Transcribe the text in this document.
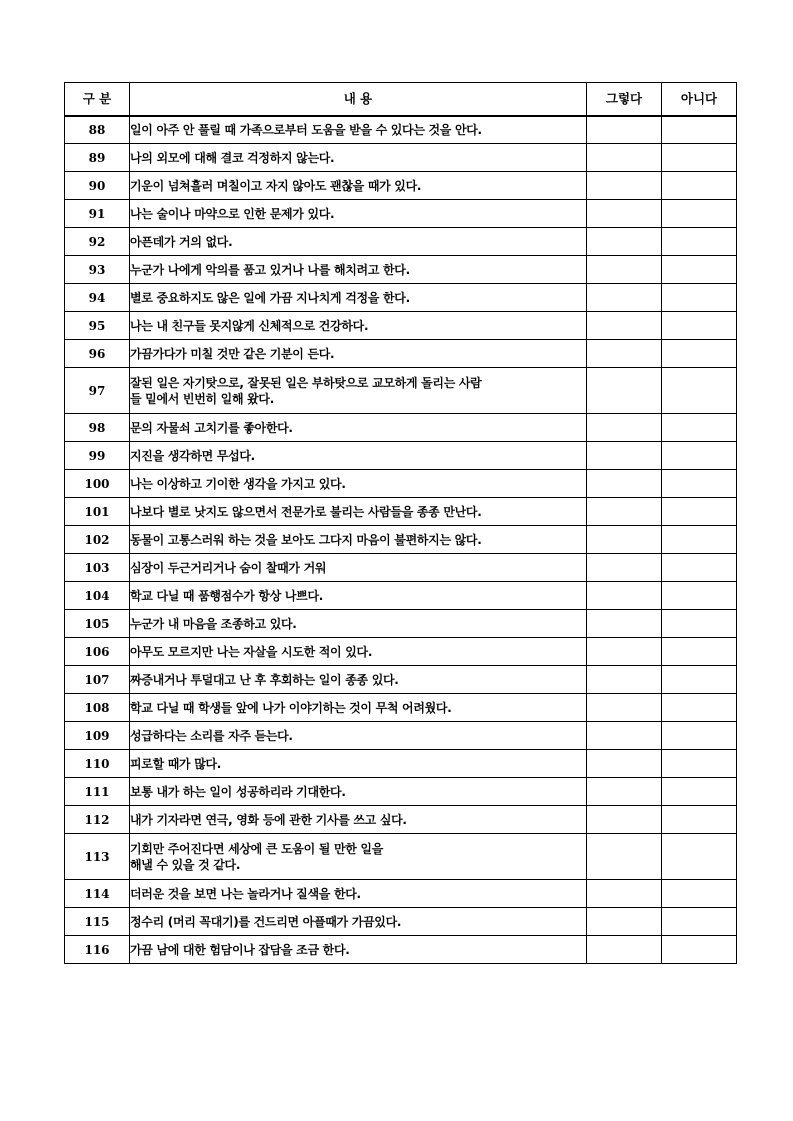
구 분	내 용	그렇다	아니다
88	일이 아주 안 풀릴 때 가족으로부터 도움을 받을 수 있다는 것을 안다.		

89	나의 외모에 대해 결코 걱정하지 않는다.		

90	기운이 넘쳐흘러 며칠이고 자지 않아도 괜찮을 때가 있다.		

91	나는 술이나 마약으로 인한 문제가 있다.		

92	아픈데가 거의 없다.		

93	누군가 나에게 악의를 품고 있거나 나를 해치려고 한다.		

94	별로 중요하지도 않은 일에 가끔 지나치게 걱정을 한다.		

95	나는 내 친구들 못지않게 신체적으로 건강하다.		

96	가끔가다가 미칠 것만 같은 기분이 든다.		

97	잘된 일은 자기탓으로, 잘못된 일은 부하탓으로 교모하게 돌리는 사람
들 밑에서 빈번히 일해 왔다.		

98	문의 자물쇠 고치기를 좋아한다.		

99	지진을 생각하면 무섭다.		

100	나는 이상하고 기이한 생각을 가지고 있다.		

101	나보다 별로 낫지도 않으면서 전문가로 불리는 사람들을 종종 만난다.		

102	동물이 고통스러워 하는 것을 보아도 그다지 마음이 불편하지는 않다.		

103	심장이 두근거리거나 숨이 찰때가 거워		

104	학교 다닐 때 품행점수가 항상 나쁘다.		

105	누군가 내 마음을 조종하고 있다.		

106	아무도 모르지만 나는 자살을 시도한 적이 있다.		

107	짜증내거나 투덜대고 난 후 후회하는 일이 종종 있다.		

108	학교 다닐 때 학생들 앞에 나가 이야기하는 것이 무척 어려웠다.		

109	성급하다는 소리를 자주 듣는다.		

110	피로할 때가 많다.		

111	보통 내가 하는 일이 성공하리라 기대한다.		

112	내가 기자라면 연극, 영화 등에 관한 기사를 쓰고 싶다.		

113	기회만 주어진다면 세상에 큰 도움이 될 만한 일을
해낼 수 있을 것 같다.		

114	더러운 것을 보면 나는 놀라거나 질색을 한다.		

115	정수리 (머리 꼭대기)를 건드리면 아플때가 가끔있다.		

116	가끔 남에 대한 험담이나 잡담을 조금 한다.		
